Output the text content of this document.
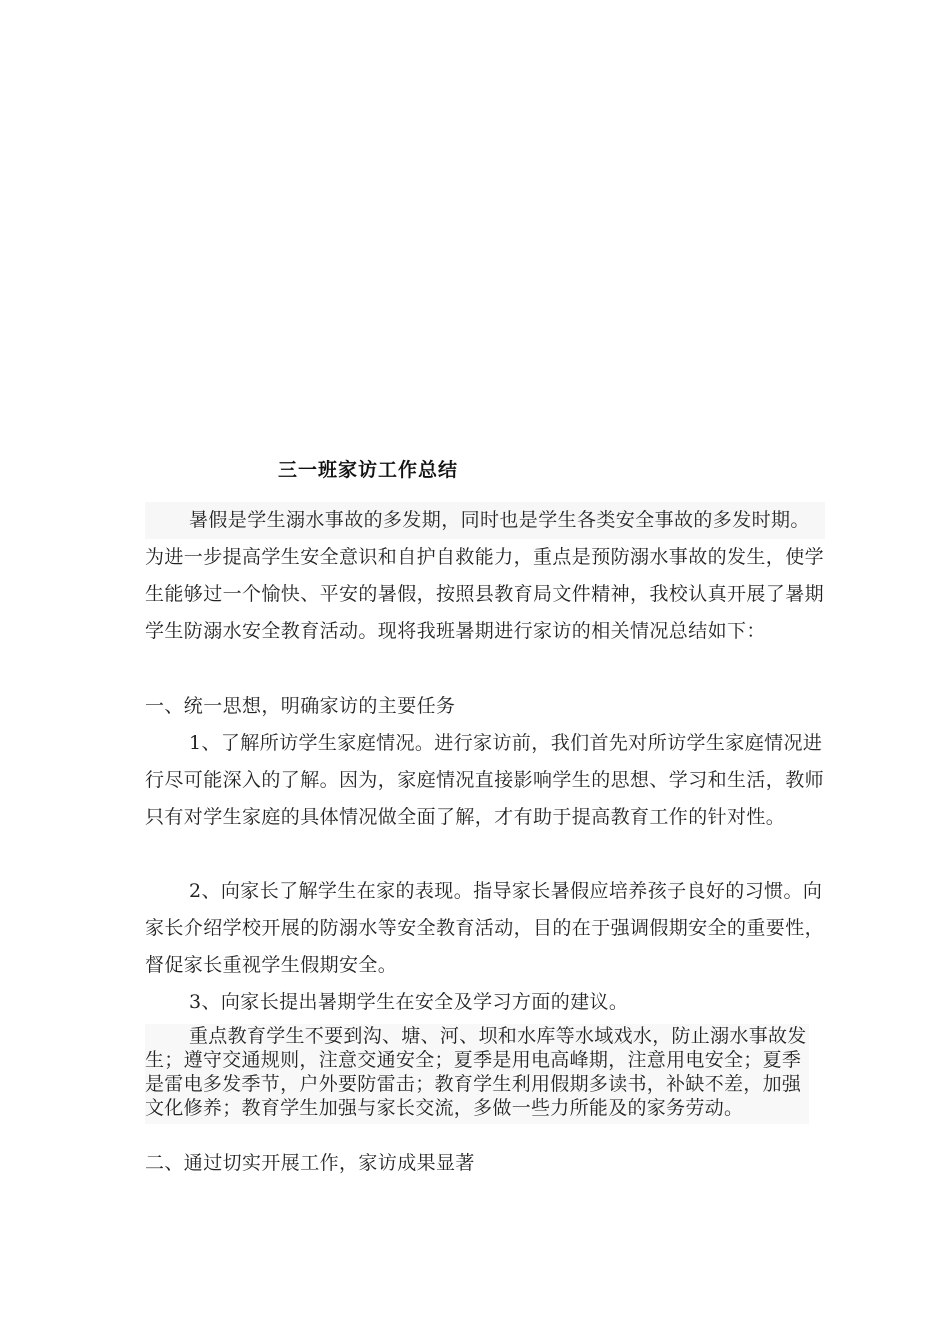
三一班家访工作总结

暑假是学生溺水事故的多发期，同时也是学生各类安全事故的多发时期。为进一步提高学生安全意识和自护自救能力，重点是预防溺水事故的发生，使学生能够过一个愉快、平安的暑假，按照县教育局文件精神，我校认真开展了暑期学生防溺水安全教育活动。现将我班暑期进行家访的相关情况总结如下：

一、统一思想，明确家访的主要任务

1、了解所访学生家庭情况。进行家访前，我们首先对所访学生家庭情况进行尽可能深入的了解。因为，家庭情况直接影响学生的思想、学习和生活，教师只有对学生家庭的具体情况做全面了解，才有助于提高教育工作的针对性。

2、向家长了解学生在家的表现。指导家长暑假应培养孩子良好的习惯。向家长介绍学校开展的防溺水等安全教育活动，目的在于强调假期安全的重要性，督促家长重视学生假期安全。

3、向家长提出暑期学生在安全及学习方面的建议。

重点教育学生不要到沟、塘、河、坝和水库等水域戏水，防止溺水事故发生；遵守交通规则，注意交通安全；夏季是用电高峰期，注意用电安全；夏季是雷电多发季节，户外要防雷击；教育学生利用假期多读书，补缺不差，加强文化修养；教育学生加强与家长交流，多做一些力所能及的家务劳动。

二、通过切实开展工作，家访成果显著
